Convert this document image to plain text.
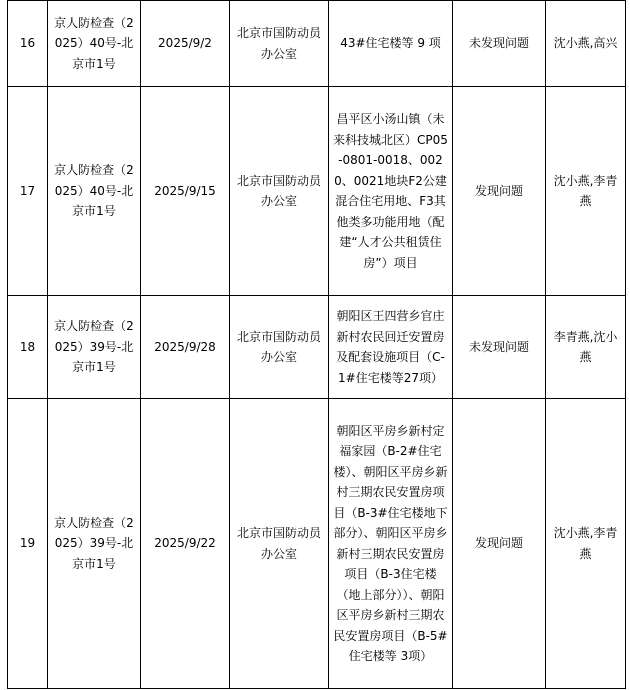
16	京人防检查（2025）40号-北京市1号	2025/9/2	北京市国防动员办公室	43#住宅楼等 9 项	未发现问题	沈小燕,高兴
17	京人防检查（2025）40号-北京市1号	2025/9/15	北京市国防动员办公室	昌平区小汤山镇（未来科技城北区）CP05-0801-0018、0020、0021地块F2公建混合住宅用地、F3其他类多功能用地（配建“人才公共租赁住房”）项目	发现问题	沈小燕,李青燕
18	京人防检查（2025）39号-北京市1号	2025/9/28	北京市国防动员办公室	朝阳区王四营乡官庄新村农民回迁安置房及配套设施项目（C-1#住宅楼等27项）	未发现问题	李青燕,沈小燕
19	京人防检查（2025）39号-北京市1号	2025/9/22	北京市国防动员办公室	朝阳区平房乡新村定福家园（B-2#住宅楼）、朝阳区平房乡新村三期农民安置房项目（B-3#住宅楼地下部分）、朝阳区平房乡新村三期农民安置房项目（B-3住宅楼（地上部分））、朝阳区平房乡新村三期农民安置房项目（B-5#住宅楼等 3项）	发现问题	沈小燕,李青燕
